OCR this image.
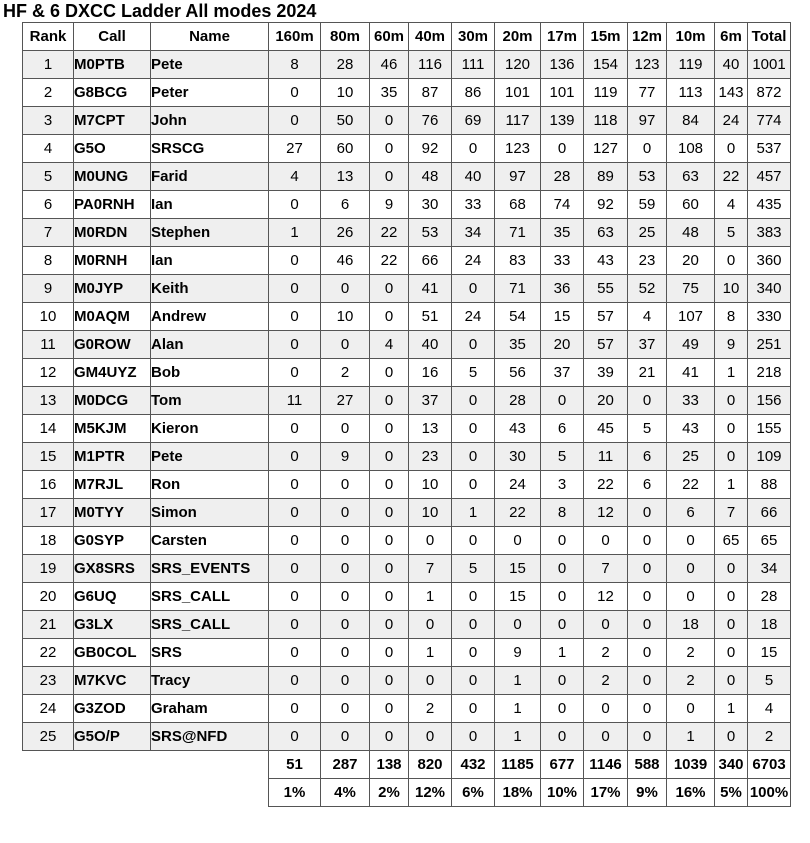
HF & 6 DXCC Ladder All modes 2024
Rank	Call	Name	160m	80m	60m	40m	30m	20m	17m	15m	12m	10m	6m	Total
1	M0PTB	Pete	8	28	46	116	111	120	136	154	123	119	40	1001
2	G8BCG	Peter	0	10	35	87	86	101	101	119	77	113	143	872
3	M7CPT	John	0	50	0	76	69	117	139	118	97	84	24	774
4	G5O	SRSCG	27	60	0	92	0	123	0	127	0	108	0	537
5	M0UNG	Farid	4	13	0	48	40	97	28	89	53	63	22	457
6	PA0RNH	Ian	0	6	9	30	33	68	74	92	59	60	4	435
7	M0RDN	Stephen	1	26	22	53	34	71	35	63	25	48	5	383
8	M0RNH	Ian	0	46	22	66	24	83	33	43	23	20	0	360
9	M0JYP	Keith	0	0	0	41	0	71	36	55	52	75	10	340
10	M0AQM	Andrew	0	10	0	51	24	54	15	57	4	107	8	330
11	G0ROW	Alan	0	0	4	40	0	35	20	57	37	49	9	251
12	GM4UYZ	Bob	0	2	0	16	5	56	37	39	21	41	1	218
13	M0DCG	Tom	11	27	0	37	0	28	0	20	0	33	0	156
14	M5KJM	Kieron	0	0	0	13	0	43	6	45	5	43	0	155
15	M1PTR	Pete	0	9	0	23	0	30	5	11	6	25	0	109
16	M7RJL	Ron	0	0	0	10	0	24	3	22	6	22	1	88
17	M0TYY	Simon	0	0	0	10	1	22	8	12	0	6	7	66
18	G0SYP	Carsten	0	0	0	0	0	0	0	0	0	0	65	65
19	GX8SRS	SRS_EVENTS	0	0	0	7	5	15	0	7	0	0	0	34
20	G6UQ	SRS_CALL	0	0	0	1	0	15	0	12	0	0	0	28
21	G3LX	SRS_CALL	0	0	0	0	0	0	0	0	0	18	0	18
22	GB0COL	SRS	0	0	0	1	0	9	1	2	0	2	0	15
23	M7KVC	Tracy	0	0	0	0	0	1	0	2	0	2	0	5
24	G3ZOD	Graham	0	0	0	2	0	1	0	0	0	0	1	4
25	G5O/P	SRS@NFD	0	0	0	0	0	1	0	0	0	1	0	2
			51	287	138	820	432	1185	677	1146	588	1039	340	6703
			1%	4%	2%	12%	6%	18%	10%	17%	9%	16%	5%	100%
